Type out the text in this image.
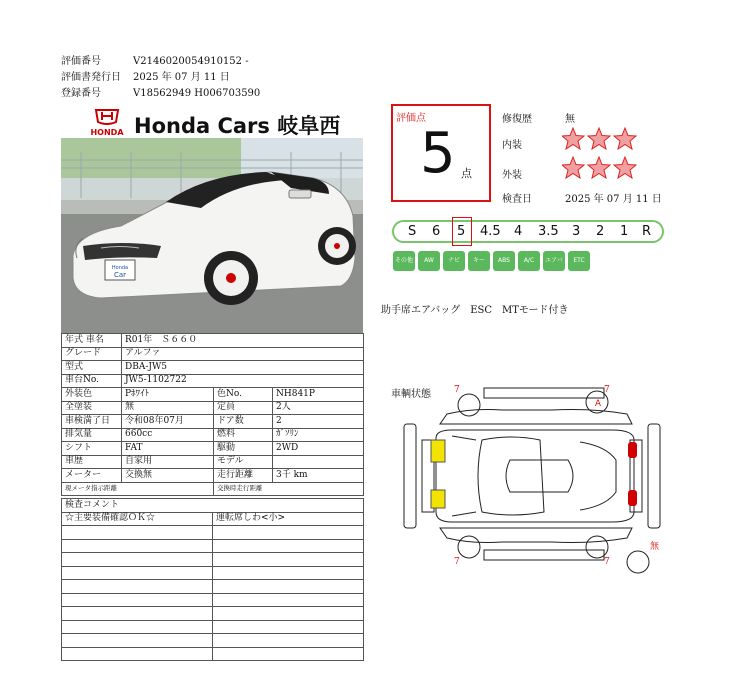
評価番号	V2146020054910152 -
評価書発行日 2025 年 07 月 11 日
登録番号	V18562949 H006703590
HONDA Honda Cars 岐阜西
Honda
Car
年式 車名	R01年　Ｓ６６０		
グレード	アルファ		
型式	DBA-JW5		
車台No.	JW5-1102722		
外装色	Pﾎﾜｲﾄ	色No.	NH841P
全塗装	無	定員	2人
車検満了日	令和08年07月	ドア数	2
排気量	660cc	燃料	ｶﾞｿﾘﾝ
シフト	FAT	駆動	2WD
車歴	自家用	モデル	
メーター	交換無	走行距離	3千 km
現メータ指示距離		交換時走行距離	
検査コメント	
☆主要装備確認ＯＫ☆	運転席しわ<小>

評価点
5 点
修復歴	無
内装
外装
検査日	2025 年 07 月 11 日
S 6 5 4.5 4 3.5 3 2 1 R
その他	AW	ナビ	キー	ABS	A/C	エアバッグ
ETC
助手席エアバッグ　ESC　MTモード付き
車輌状態
A
7	7
7	7
無
